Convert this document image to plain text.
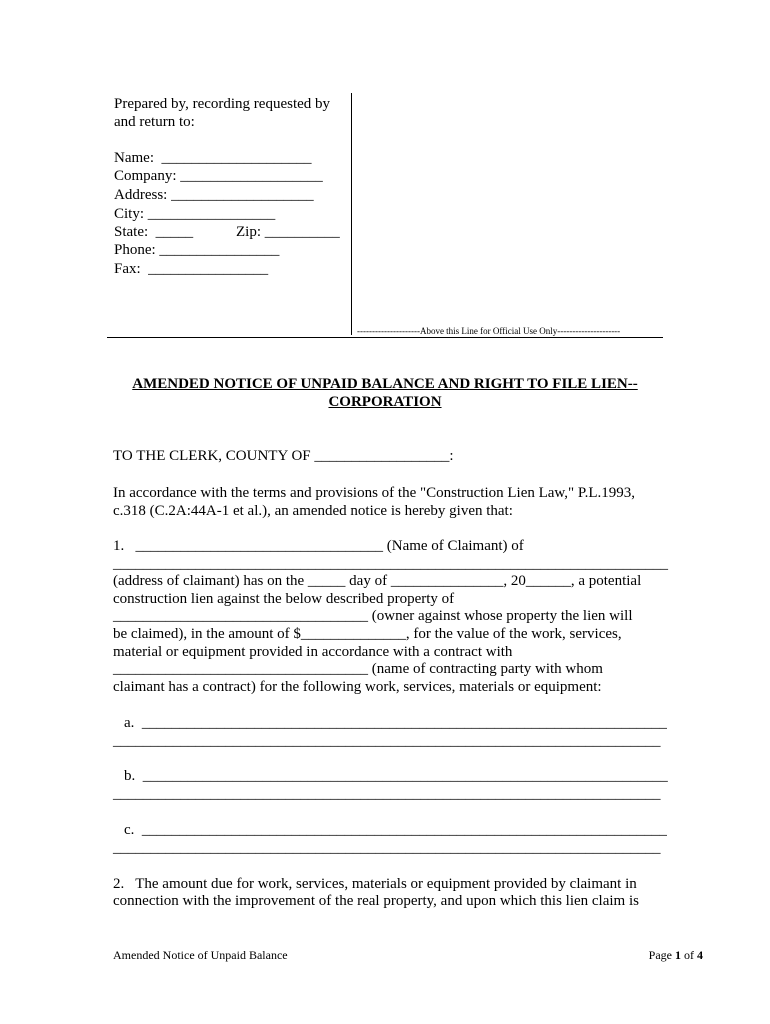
Prepared by, recording requested by
and return to:
Name:  ____________________
Company: ___________________
Address: ___________________
City: _________________
State:  _____	Zip: __________
Phone: ________________
Fax:  ________________
---------------------Above this Line for Official Use Only---------------------
AMENDED NOTICE OF UNPAID BALANCE AND RIGHT TO FILE LIEN--
CORPORATION
TO THE CLERK, COUNTY OF __________________:
In accordance with the terms and provisions of the "Construction Lien Law," P.L.1993,
c.318 (C.2A:44A-1 et al.), an amended notice is hereby given that:
1.   _________________________________ (Name of Claimant) of
__________________________________________________________________________
(address of claimant) has on the _____ day of _______________, 20______, a potential
construction lien against the below described property of
__________________________________ (owner against whose property the lien will
be claimed), in the amount of $______________, for the value of the work, services,
material or equipment provided in accordance with a contract with
__________________________________ (name of contracting party with whom
claimant has a contract) for the following work, services, materials or equipment:
a.  ______________________________________________________________________
_________________________________________________________________________
b.  ______________________________________________________________________
_________________________________________________________________________
c.  ______________________________________________________________________
_________________________________________________________________________
2.   The amount due for work, services, materials or equipment provided by claimant in
connection with the improvement of the real property, and upon which this lien claim is
Amended Notice of Unpaid Balance	Page 1 of 4
